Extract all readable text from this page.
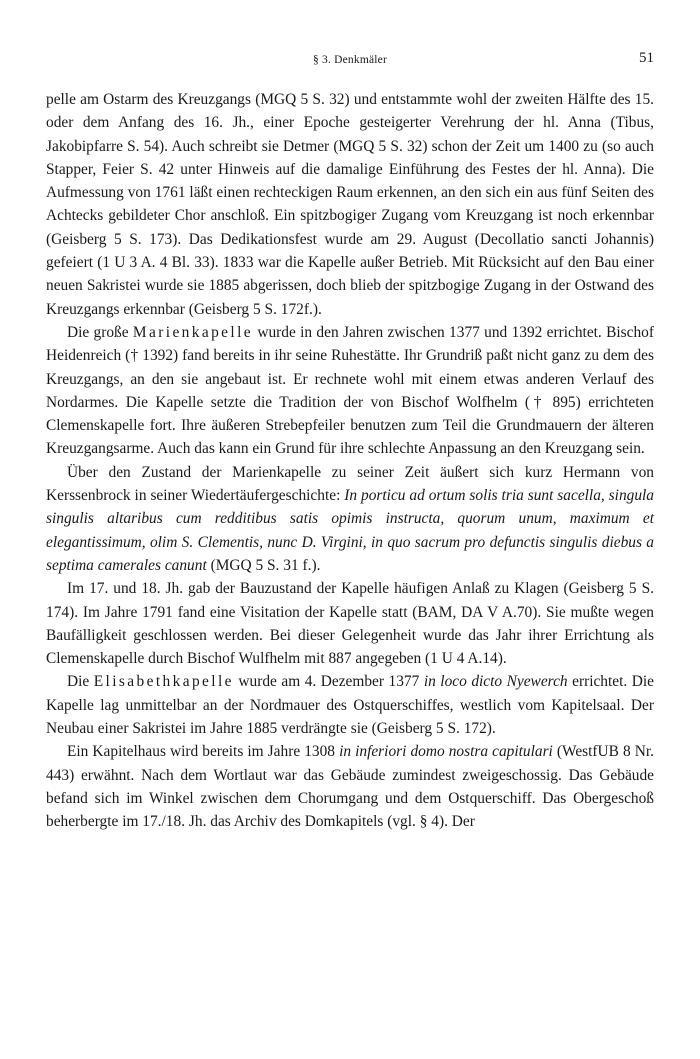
§ 3. Denkmäler	51

pelle am Ostarm des Kreuzgangs (MGQ 5 S. 32) und entstammte wohl der zweiten Hälfte des 15. oder dem Anfang des 16. Jh., einer Epoche gesteigerter Verehrung der hl. Anna (Tibus, Jakobipfarre S. 54). Auch schreibt sie Detmer (MGQ 5 S. 32) schon der Zeit um 1400 zu (so auch Stapper, Feier S. 42 unter Hinweis auf die damalige Einführung des Festes der hl. Anna). Die Aufmessung von 1761 läßt einen rechteckigen Raum erkennen, an den sich ein aus fünf Seiten des Achtecks gebildeter Chor anschloß. Ein spitzbogiger Zugang vom Kreuzgang ist noch erkennbar (Geisberg 5 S. 173). Das Dedikationsfest wurde am 29. August (Decollatio sancti Johannis) gefeiert (1 U 3 A. 4 Bl. 33). 1833 war die Kapelle außer Betrieb. Mit Rücksicht auf den Bau einer neuen Sakristei wurde sie 1885 abgerissen, doch blieb der spitzbogige Zugang in der Ostwand des Kreuzgangs erkennbar (Geisberg 5 S. 172f.).

Die große Marienkapelle wurde in den Jahren zwischen 1377 und 1392 errichtet. Bischof Heidenreich († 1392) fand bereits in ihr seine Ruhestätte. Ihr Grundriß paßt nicht ganz zu dem des Kreuzgangs, an den sie angebaut ist. Er rechnete wohl mit einem etwas anderen Verlauf des Nordarmes. Die Kapelle setzte die Tradition der von Bischof Wolfhelm († 895) errichteten Clemenskapelle fort. Ihre äußeren Strebepfeiler benutzen zum Teil die Grundmauern der älteren Kreuzgangsarme. Auch das kann ein Grund für ihre schlechte Anpassung an den Kreuzgang sein.

Über den Zustand der Marienkapelle zu seiner Zeit äußert sich kurz Hermann von Kerssenbrock in seiner Wiedertäufergeschichte: In porticu ad ortum solis tria sunt sacella, singula singulis altaribus cum redditibus satis opimis instructa, quorum unum, maximum et elegantissimum, olim S. Clementis, nunc D. Virgini, in quo sacrum pro defunctis singulis diebus a septima camerales canunt (MGQ 5 S. 31 f.).

Im 17. und 18. Jh. gab der Bauzustand der Kapelle häufigen Anlaß zu Klagen (Geisberg 5 S. 174). Im Jahre 1791 fand eine Visitation der Kapelle statt (BAM, DA V A.70). Sie mußte wegen Baufälligkeit geschlossen werden. Bei dieser Gelegenheit wurde das Jahr ihrer Errichtung als Clemenskapelle durch Bischof Wulfhelm mit 887 angegeben (1 U 4 A.14).

Die Elisabethkapelle wurde am 4. Dezember 1377 in loco dicto Nyewerch errichtet. Die Kapelle lag unmittelbar an der Nordmauer des Ostquerschiffes, westlich vom Kapitelsaal. Der Neubau einer Sakristei im Jahre 1885 verdrängte sie (Geisberg 5 S. 172).

Ein Kapitelhaus wird bereits im Jahre 1308 in inferiori domo nostra capitulari (WestfUB 8 Nr. 443) erwähnt. Nach dem Wortlaut war das Gebäude zumindest zweigeschossig. Das Gebäude befand sich im Winkel zwischen dem Chorumgang und dem Ostquerschiff. Das Obergeschoß beherbergte im 17./18. Jh. das Archiv des Domkapitels (vgl. § 4). Der
